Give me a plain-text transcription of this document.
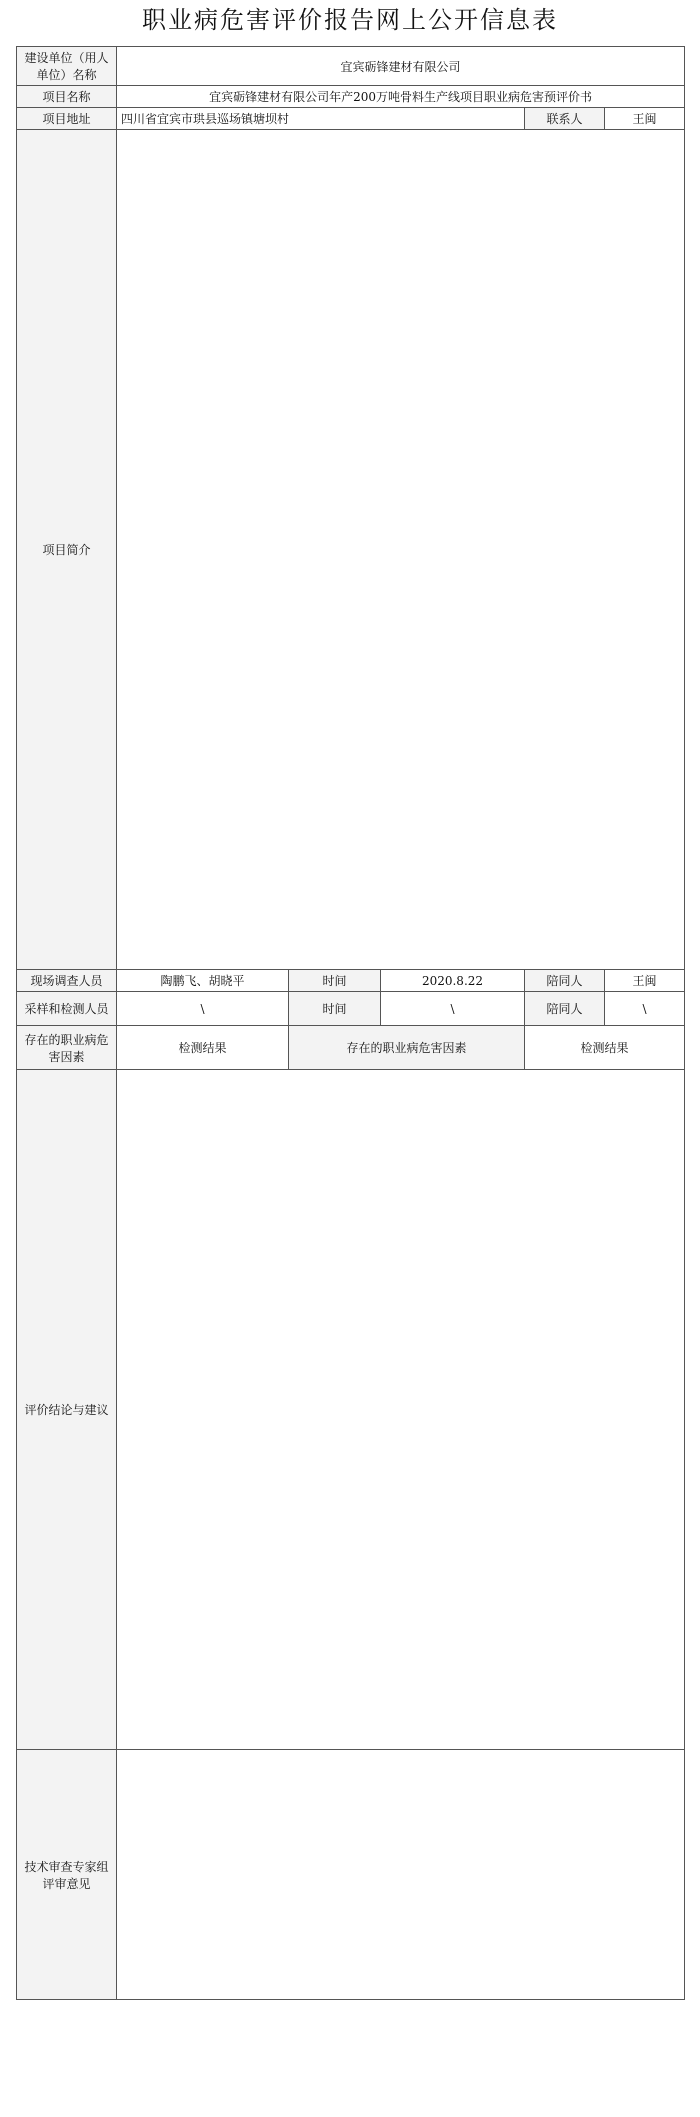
职业病危害评价报告网上公开信息表
建设单位（用人单位）名称	宜宾砺锋建材有限公司				
项目名称	宜宾砺锋建材有限公司年产200万吨骨料生产线项目职业病危害预评价书				
项目地址	四川省宜宾市珙县巡场镇塘坝村			联系人	王闽
项目简介					
现场调查人员	陶鹏飞、胡晓平	时间	2020.8.22	陪同人	王闽
采样和检测人员	\	时间	\	陪同人	\
存在的职业病危害因素	检测结果	存在的职业病危害因素		检测结果	
评价结论与建议					
技术审查专家组评审意见					
